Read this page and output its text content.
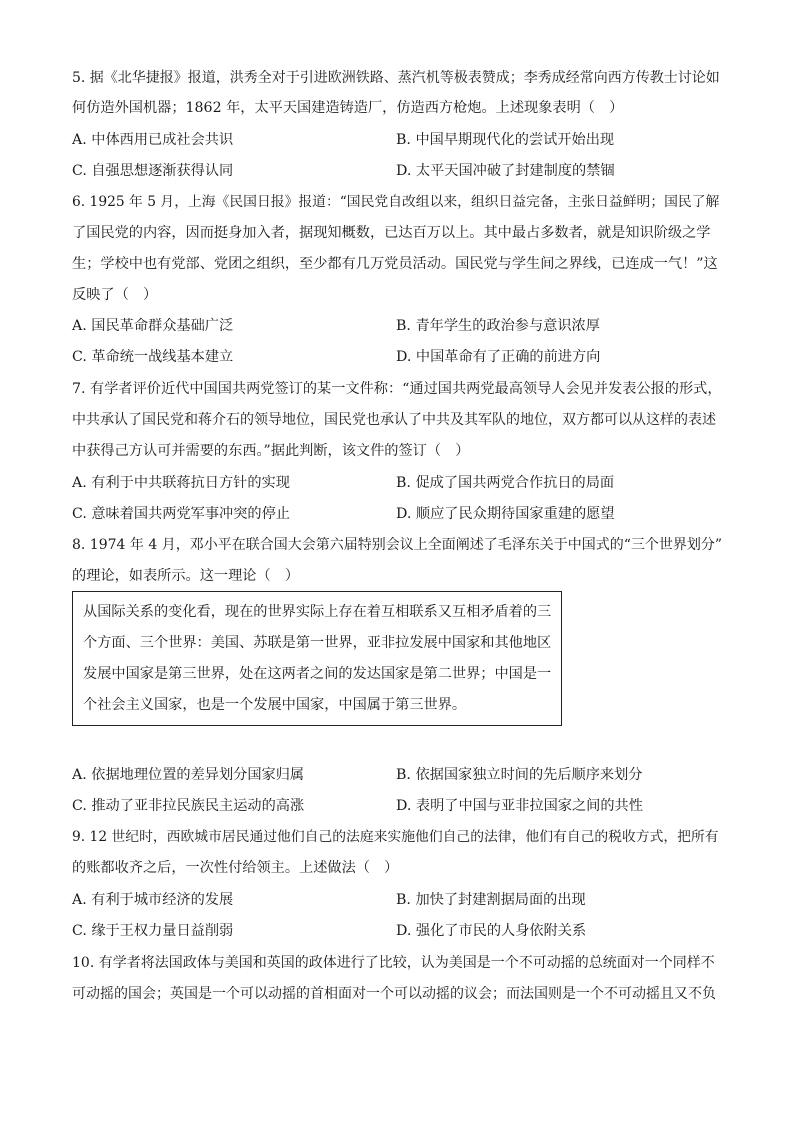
5. 据《北华捷报》报道，洪秀全对于引进欧洲铁路、蒸汽机等极表赞成；李秀成经常向西方传教士讨论如
何仿造外国机器；1862 年，太平天国建造铸造厂，仿造西方枪炮。上述现象表明（　）
A. 中体西用已成社会共识	B. 中国早期现代化的尝试开始出现
C. 自强思想逐渐获得认同	D. 太平天国冲破了封建制度的禁锢
6. 1925 年 5 月，上海《民国日报》报道：“国民党自改组以来，组织日益完备，主张日益鲜明；国民了解
了国民党的内容，因而挺身加入者，据现知概数，已达百万以上。其中最占多数者，就是知识阶级之学
生；学校中也有党部、党团之组织，至少都有几万党员活动。国民党与学生间之界线，已连成一气！”这
反映了（　）
A. 国民革命群众基础广泛	B. 青年学生的政治参与意识浓厚
C. 革命统一战线基本建立	D. 中国革命有了正确的前进方向
7. 有学者评价近代中国国共两党签订的某一文件称：“通过国共两党最高领导人会见并发表公报的形式，
中共承认了国民党和蒋介石的领导地位，国民党也承认了中共及其军队的地位，双方都可以从这样的表述
中获得己方认可并需要的东西。”据此判断，该文件的签订（　）
A. 有利于中共联蒋抗日方针的实现	B. 促成了国共两党合作抗日的局面
C. 意味着国共两党军事冲突的停止	D. 顺应了民众期待国家重建的愿望
8. 1974 年 4 月，邓小平在联合国大会第六届特别会议上全面阐述了毛泽东关于中国式的“三个世界划分”
的理论，如表所示。这一理论（　）
从国际关系的变化看，现在的世界实际上存在着互相联系又互相矛盾着的三
个方面、三个世界：美国、苏联是第一世界，亚非拉发展中国家和其他地区
发展中国家是第三世界，处在这两者之间的发达国家是第二世界；中国是一
个社会主义国家，也是一个发展中国家，中国属于第三世界。
A. 依据地理位置的差异划分国家归属	B. 依据国家独立时间的先后顺序来划分
C. 推动了亚非拉民族民主运动的高涨	D. 表明了中国与亚非拉国家之间的共性
9. 12 世纪时，西欧城市居民通过他们自己的法庭来实施他们自己的法律，他们有自己的税收方式，把所有
的账都收齐之后，一次性付给领主。上述做法（　）
A. 有利于城市经济的发展	B. 加快了封建割据局面的出现
C. 缘于王权力量日益削弱	D. 强化了市民的人身依附关系
10. 有学者将法国政体与美国和英国的政体进行了比较，认为美国是一个不可动摇的总统面对一个同样不
可动摇的国会；英国是一个可以动摇的首相面对一个可以动摇的议会；而法国则是一个不可动摇且又不负
